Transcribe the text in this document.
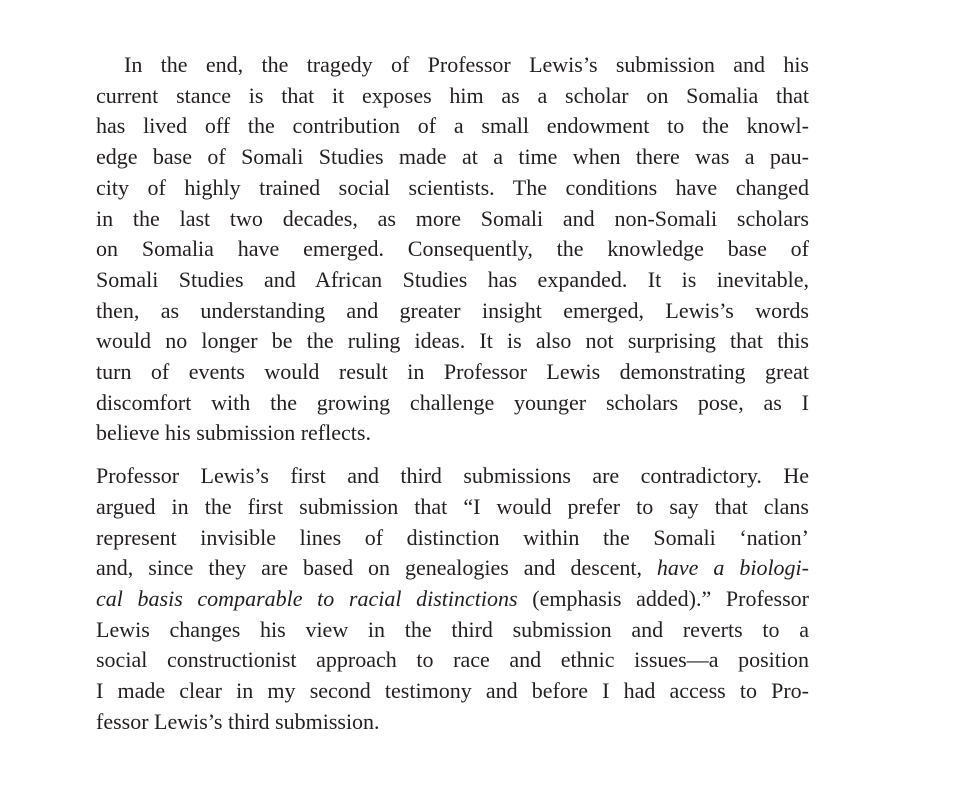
In the end, the tragedy of Professor Lewis’s submission and his
current stance is that it exposes him as a scholar on Somalia that
has lived off the contribution of a small endowment to the knowl-
edge base of Somali Studies made at a time when there was a pau-
city of highly trained social scientists. The conditions have changed
in the last two decades, as more Somali and non-Somali scholars
on Somalia have emerged. Consequently, the knowledge base of
Somali Studies and African Studies has expanded. It is inevitable,
then, as understanding and greater insight emerged, Lewis’s words
would no longer be the ruling ideas. It is also not surprising that this
turn of events would result in Professor Lewis demonstrating great
discomfort with the growing challenge younger scholars pose, as I
believe his submission reflects.
Professor Lewis’s first and third submissions are contradictory. He
argued in the first submission that “I would prefer to say that clans
represent invisible lines of distinction within the Somali ‘nation’
and, since they are based on genealogies and descent, have a biologi-
cal basis comparable to racial distinctions (emphasis added).” Professor
Lewis changes his view in the third submission and reverts to a
social constructionist approach to race and ethnic issues—a position
I made clear in my second testimony and before I had access to Pro-
fessor Lewis’s third submission.
